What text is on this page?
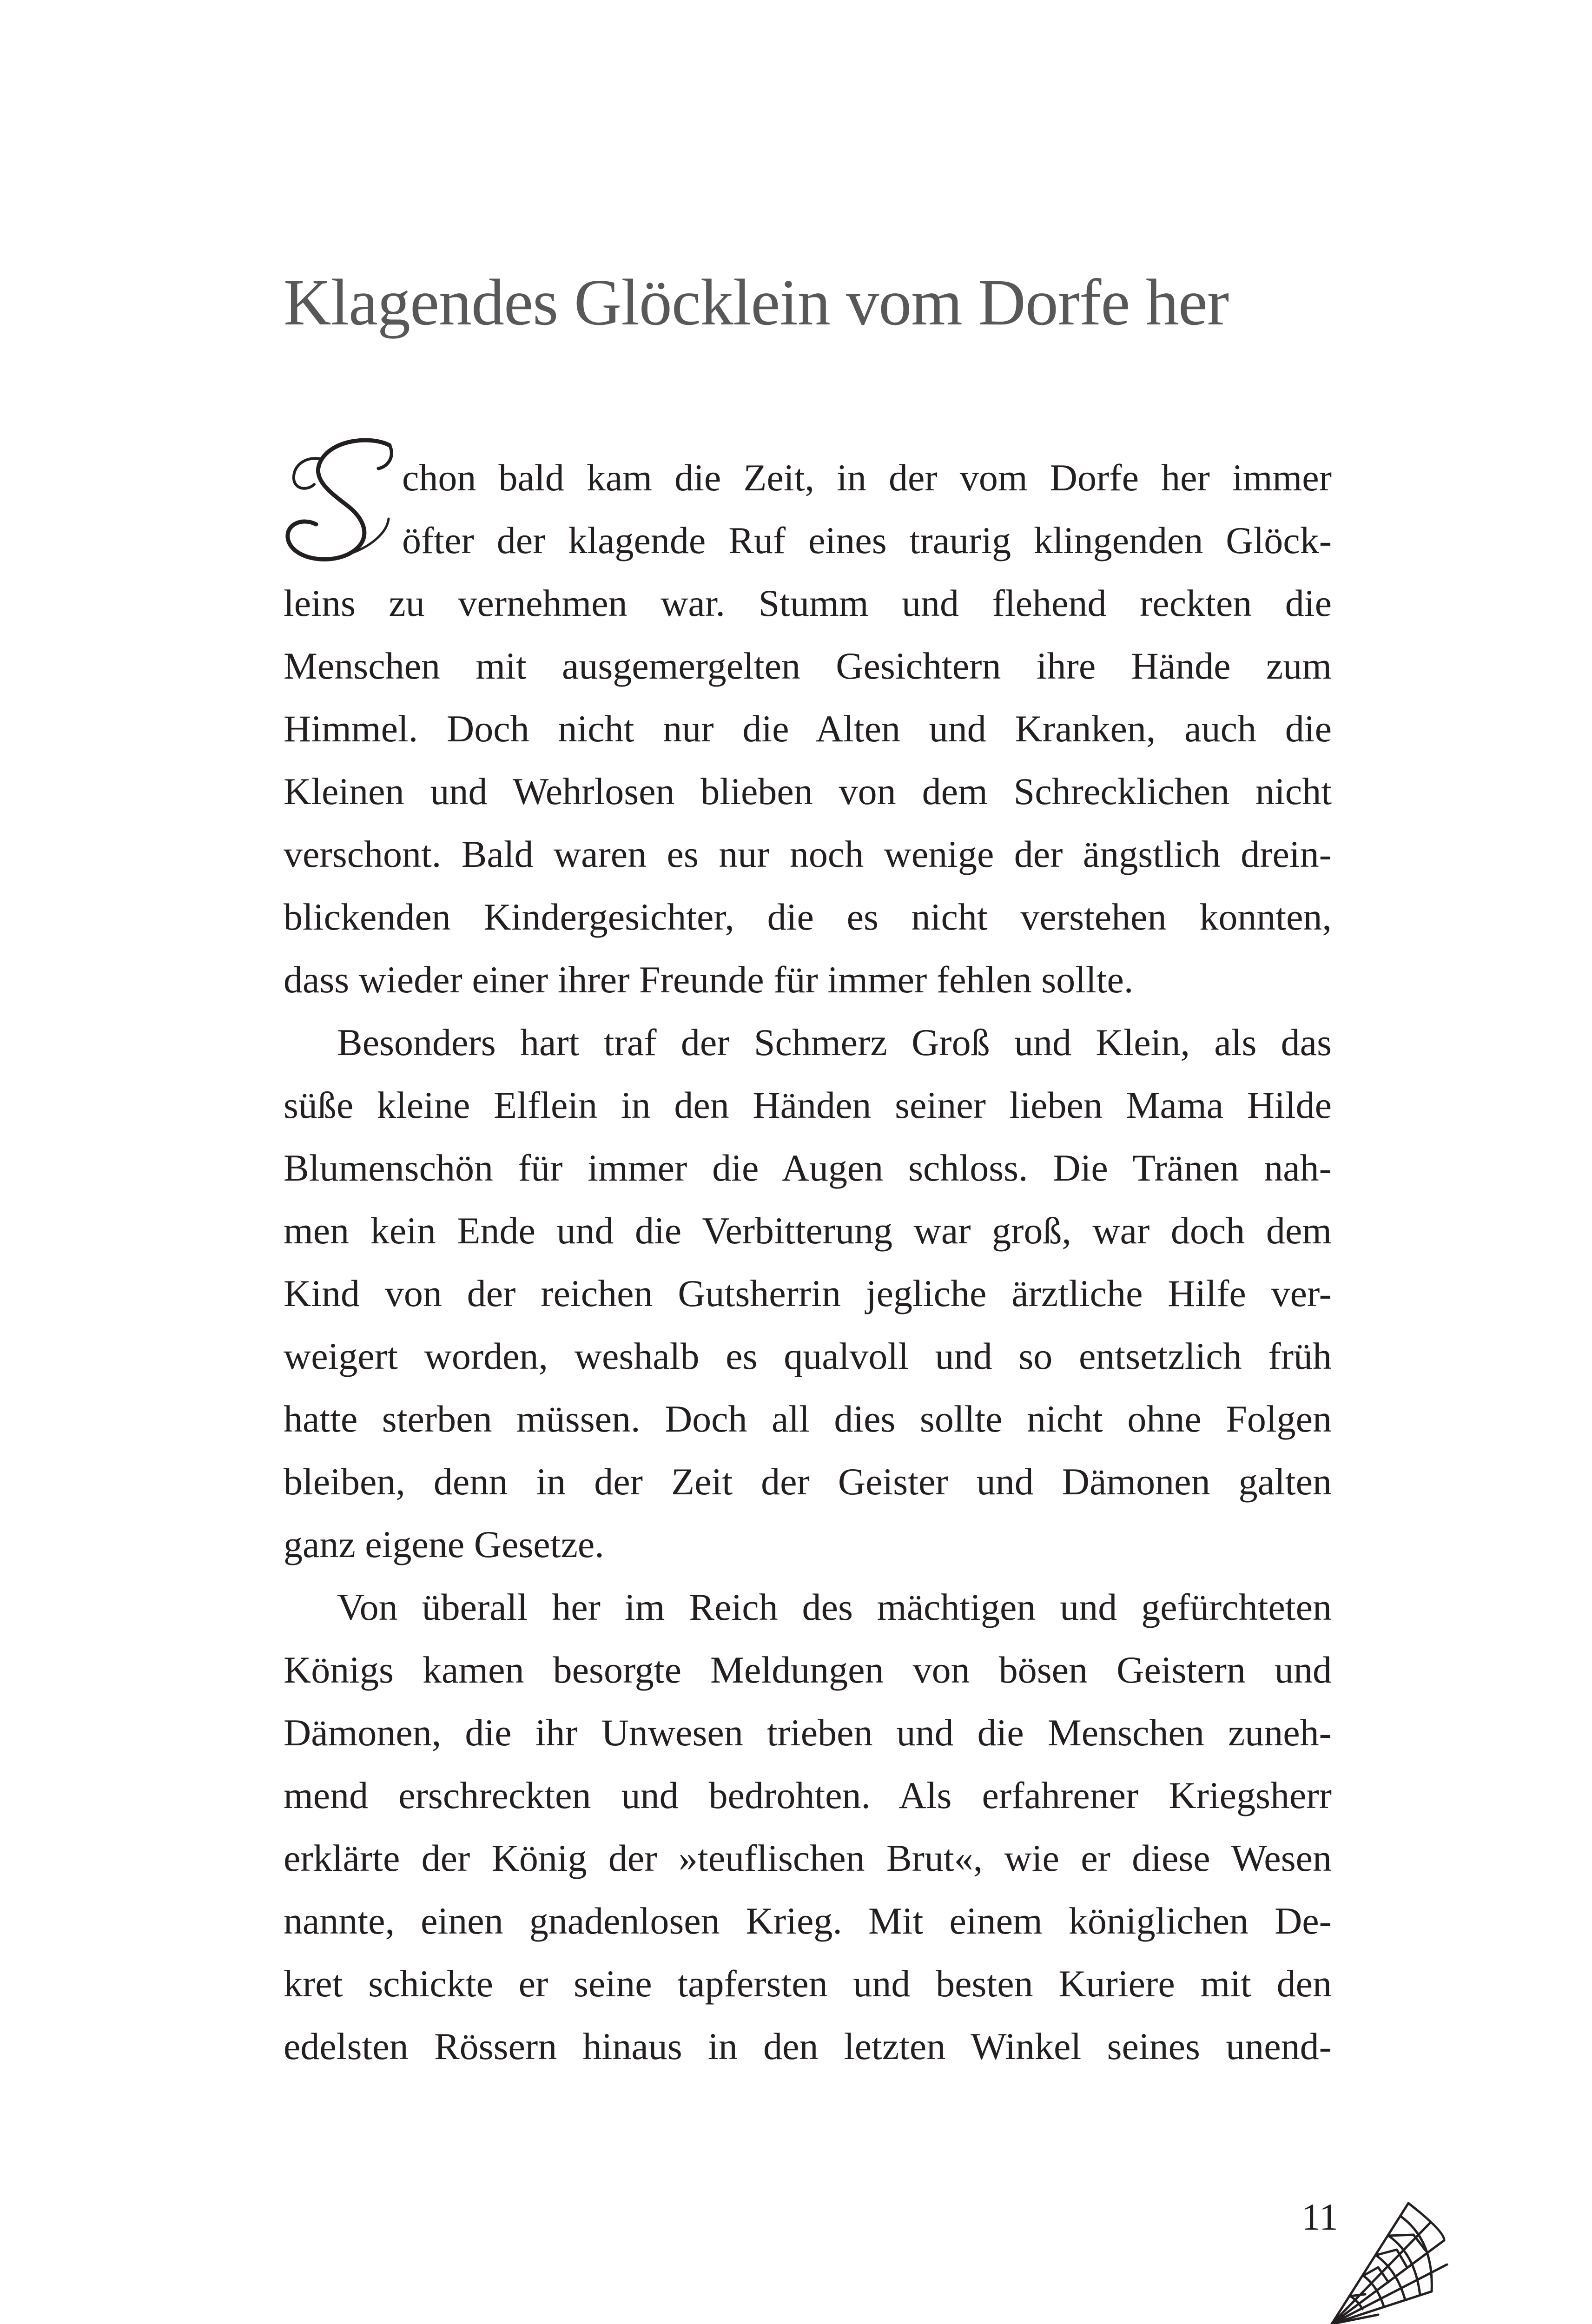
Klagendes Glöcklein vom Dorfe her
chon bald kam die Zeit, in der vom Dorfe her immer
öfter der klagende Ruf eines traurig klingenden Glöck-
leins zu vernehmen war. Stumm und flehend reckten die
Menschen mit ausgemergelten Gesichtern ihre Hände zum
Himmel. Doch nicht nur die Alten und Kranken, auch die
Kleinen und Wehrlosen blieben von dem Schrecklichen nicht
verschont. Bald waren es nur noch wenige der ängstlich drein-
blickenden Kindergesichter, die es nicht verstehen konnten,
dass wieder einer ihrer Freunde für immer fehlen sollte.
Besonders hart traf der Schmerz Groß und Klein, als das
süße kleine Elflein in den Händen seiner lieben Mama Hilde
Blumenschön für immer die Augen schloss. Die Tränen nah-
men kein Ende und die Verbitterung war groß, war doch dem
Kind von der reichen Gutsherrin jegliche ärztliche Hilfe ver-
weigert worden, weshalb es qualvoll und so entsetzlich früh
hatte sterben müssen. Doch all dies sollte nicht ohne Folgen
bleiben, denn in der Zeit der Geister und Dämonen galten
ganz eigene Gesetze.
Von überall her im Reich des mächtigen und gefürchteten
Königs kamen besorgte Meldungen von bösen Geistern und
Dämonen, die ihr Unwesen trieben und die Menschen zuneh-
mend erschreckten und bedrohten. Als erfahrener Kriegsherr
erklärte der König der »teuflischen Brut«, wie er diese Wesen
nannte, einen gnadenlosen Krieg. Mit einem königlichen De-
kret schickte er seine tapfersten und besten Kuriere mit den
edelsten Rössern hinaus in den letzten Winkel seines unend-
11
